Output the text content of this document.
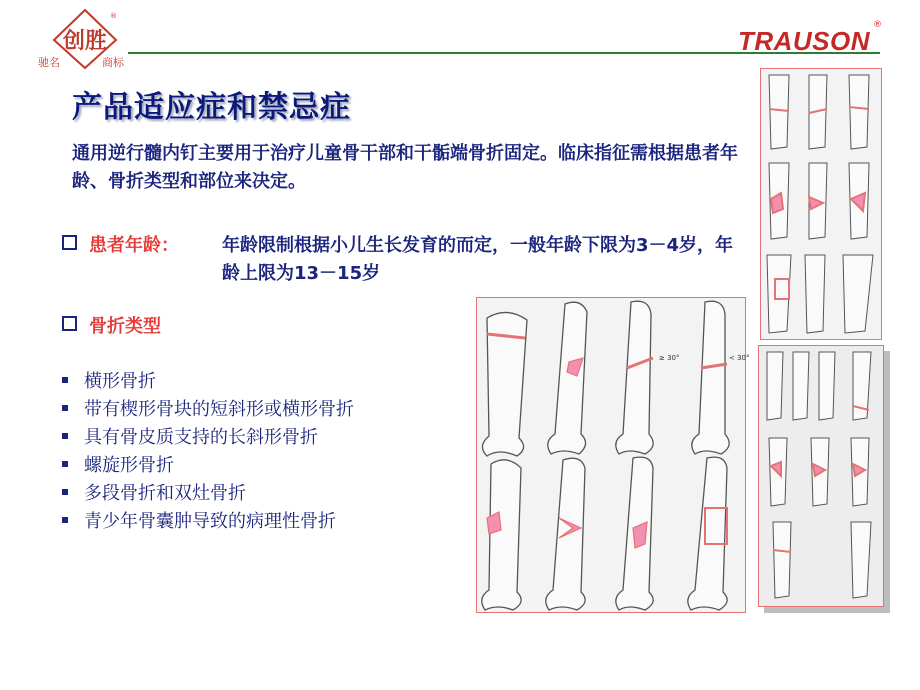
创 胜
®
驰名	商标
TRAUSON
®
产品适应症和禁忌症
通用逆行髓内钉主要用于治疗儿童骨干部和干骺端骨折固定。临床指征需根据患者年龄、骨折类型和部位来决定。
患者年龄： 年龄限制根据小儿生长发育的而定，一般年龄下限为3－4岁，年龄上限为13－15岁
骨折类型
横形骨折
带有楔形骨块的短斜形或横形骨折
具有骨皮质支持的长斜形骨折
螺旋形骨折
多段骨折和双灶骨折
青少年骨囊肿导致的病理性骨折
≥ 30°	< 30°
